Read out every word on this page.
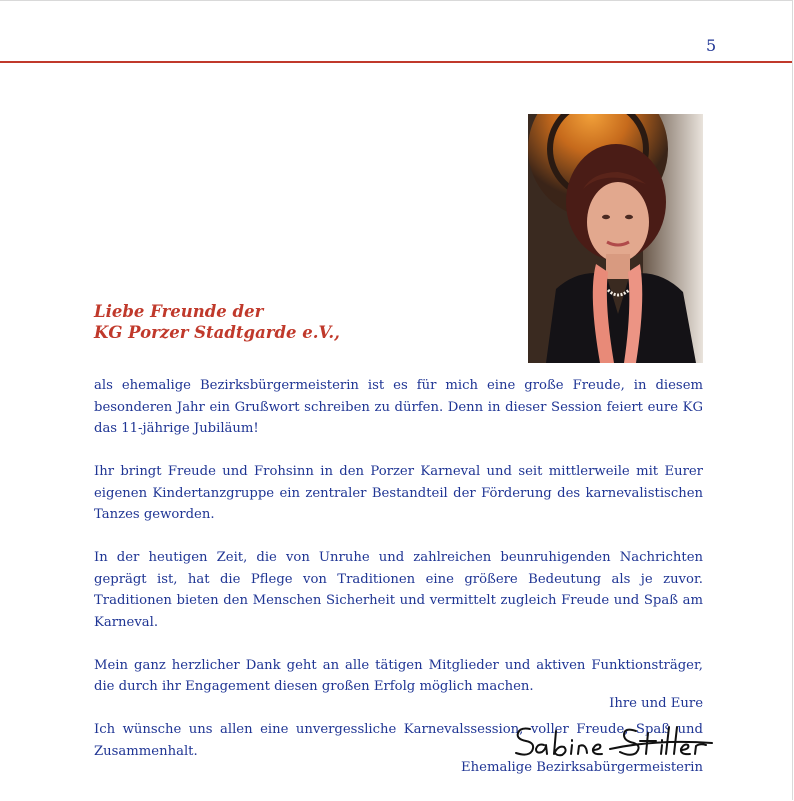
5
Liebe Freunde der
KG Porzer Stadtgarde e.V.,

als ehemalige Bezirksbürgermeisterin ist es für mich eine große Freude, in diesem besonderen Jahr ein Grußwort schreiben zu dürfen. Denn in dieser Session feiert eure KG das 11-jährige Jubiläum!

Ihr bringt Freude und Frohsinn in den Porzer Karneval und seit mittlerweile mit Eurer eigenen Kindertanzgruppe ein zentraler Bestandteil der Förderung des karnevalistischen Tanzes geworden.

In der heutigen Zeit, die von Unruhe und zahlreichen beunruhigenden Nachrichten geprägt ist, hat die Pflege von Traditionen eine größere Bedeutung als je zuvor. Traditionen bieten den Menschen Sicherheit und vermittelt zugleich Freude und Spaß am Karneval.

Mein ganz herzlicher Dank geht an alle tätigen Mitglieder und aktiven Funktionsträger, die durch ihr Engagement diesen großen Erfolg möglich machen.

Ich wünsche uns allen eine unvergessliche Karnevalssession, voller Freude, Spaß und Zusammenhalt.

Ihre und Eure
Ehemalige Bezirksabürgermeisterin
